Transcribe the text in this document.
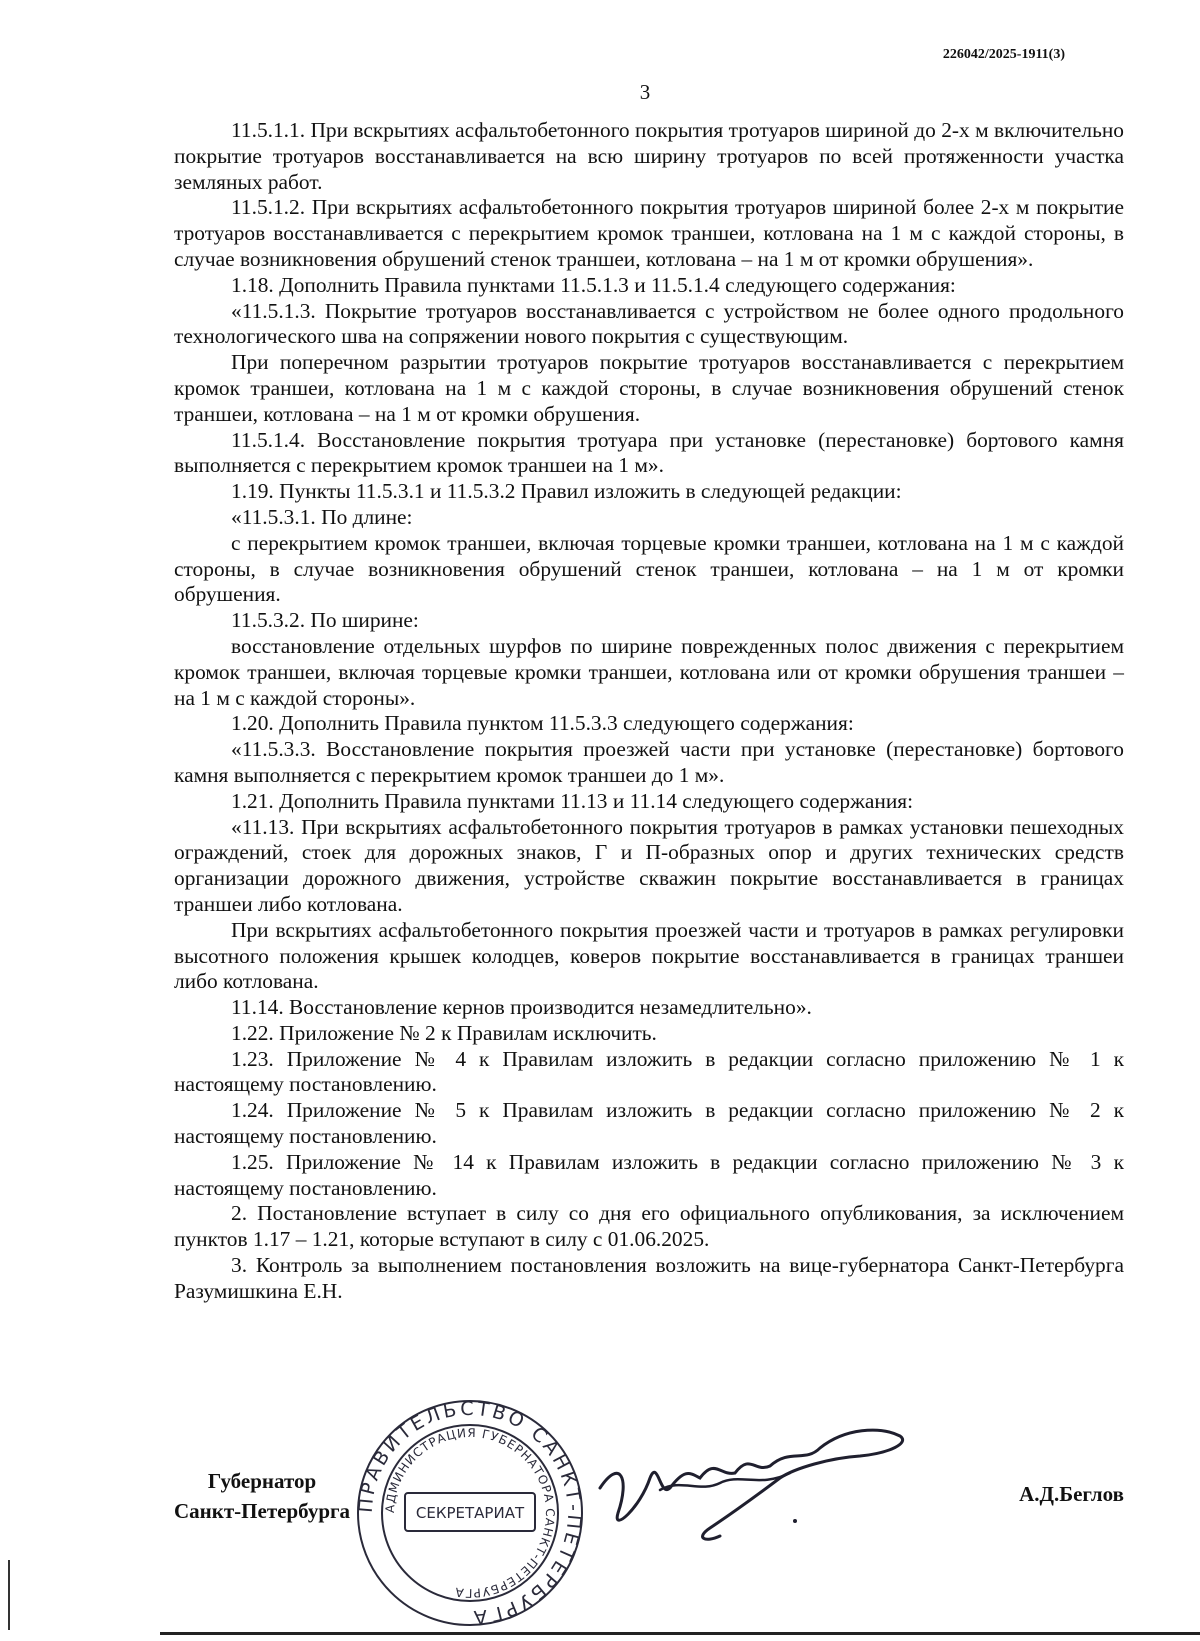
226042/2025-1911(3)
3

11.5.1.1. При вскрытиях асфальтобетонного покрытия тротуаров шириной до 2-х м включительно покрытие тротуаров восстанавливается на всю ширину тротуаров по всей протяженности участка земляных работ.

11.5.1.2. При вскрытиях асфальтобетонного покрытия тротуаров шириной более 2-х м покрытие тротуаров восстанавливается с перекрытием кромок траншеи, котлована на 1 м с каждой стороны, в случае возникновения обрушений стенок траншеи, котлована – на 1 м от кромки обрушения».

1.18. Дополнить Правила пунктами 11.5.1.3 и 11.5.1.4 следующего содержания:

«11.5.1.3. Покрытие тротуаров восстанавливается с устройством не более одного продольного технологического шва на сопряжении нового покрытия с существующим.

При поперечном разрытии тротуаров покрытие тротуаров восстанавливается с перекрытием кромок траншеи, котлована на 1 м с каждой стороны, в случае возникновения обрушений стенок траншеи, котлована – на 1 м от кромки обрушения.

11.5.1.4. Восстановление покрытия тротуара при установке (перестановке) бортового камня выполняется с перекрытием кромок траншеи на 1 м».

1.19. Пункты 11.5.3.1 и 11.5.3.2 Правил изложить в следующей редакции:

«11.5.3.1. По длине:

с перекрытием кромок траншеи, включая торцевые кромки траншеи, котлована на 1 м с каждой стороны, в случае возникновения обрушений стенок траншеи, котлована – на 1 м от кромки обрушения.

11.5.3.2. По ширине:

восстановление отдельных шурфов по ширине поврежденных полос движения с перекрытием кромок траншеи, включая торцевые кромки траншеи, котлована или от кромки обрушения траншеи – на 1 м с каждой стороны».

1.20. Дополнить Правила пунктом 11.5.3.3 следующего содержания:

«11.5.3.3. Восстановление покрытия проезжей части при установке (перестановке) бортового камня выполняется с перекрытием кромок траншеи до 1 м».

1.21. Дополнить Правила пунктами 11.13 и 11.14 следующего содержания:

«11.13. При вскрытиях асфальтобетонного покрытия тротуаров в рамках установки пешеходных ограждений, стоек для дорожных знаков, Г и П-образных опор и других технических средств организации дорожного движения, устройстве скважин покрытие восстанавливается в границах траншеи либо котлована.

При вскрытиях асфальтобетонного покрытия проезжей части и тротуаров в рамках регулировки высотного положения крышек колодцев, коверов покрытие восстанавливается в границах траншеи либо котлована.

11.14. Восстановление кернов производится незамедлительно».

1.22. Приложение № 2 к Правилам исключить.

1.23. Приложение № 4 к Правилам изложить в редакции согласно приложению № 1 к настоящему постановлению.

1.24. Приложение № 5 к Правилам изложить в редакции согласно приложению № 2 к настоящему постановлению.

1.25. Приложение № 14 к Правилам изложить в редакции согласно приложению № 3 к настоящему постановлению.

2. Постановление вступает в силу со дня его официального опубликования, за исключением пунктов 1.17 – 1.21, которые вступают в силу с 01.06.2025.

3. Контроль за выполнением постановления возложить на вице-губернатора Санкт-Петербурга Разумишкина Е.Н.

Губернатор
Санкт-Петербурга ПРАВИТЕЛЬСТВО САНКТ-ПЕТЕРБУРГА
АДМИНИСТРАЦИЯ ГУБЕРНАТОРА САНКТ-ПЕТЕРБУРГА
СЕКРЕТАРИАТ
А.Д.Беглов
